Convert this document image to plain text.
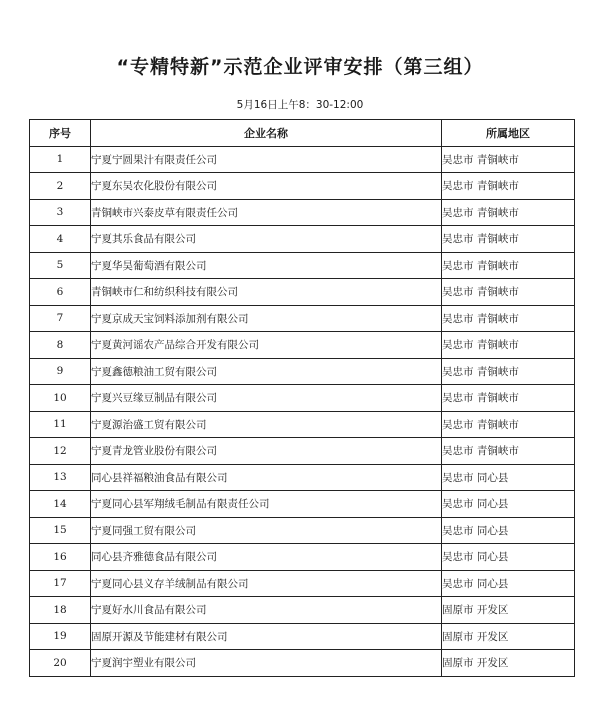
“专精特新”示范企业评审安排（第三组）
5月16日上午8：30-12:00
序号	企业名称	所属地区
1	宁夏宁圆果汁有限责任公司	吴忠市 青铜峡市
2	宁夏东吴农化股份有限公司	吴忠市 青铜峡市
3	青铜峡市兴泰皮草有限责任公司	吴忠市 青铜峡市
4	宁夏其乐食品有限公司	吴忠市 青铜峡市
5	宁夏华昊葡萄酒有限公司	吴忠市 青铜峡市
6	青铜峡市仁和纺织科技有限公司	吴忠市 青铜峡市
7	宁夏京成天宝饲料添加剂有限公司	吴忠市 青铜峡市
8	宁夏黄河谣农产品综合开发有限公司	吴忠市 青铜峡市
9	宁夏鑫德粮油工贸有限公司	吴忠市 青铜峡市
10	宁夏兴豆缘豆制品有限公司	吴忠市 青铜峡市
11	宁夏源治盛工贸有限公司	吴忠市 青铜峡市
12	宁夏青龙管业股份有限公司	吴忠市 青铜峡市
13	同心县祥福粮油食品有限公司	吴忠市 同心县
14	宁夏同心县军翔绒毛制品有限责任公司	吴忠市 同心县
15	宁夏同强工贸有限公司	吴忠市 同心县
16	同心县齐雅德食品有限公司	吴忠市 同心县
17	宁夏同心县义存羊绒制品有限公司	吴忠市 同心县
18	宁夏好水川食品有限公司	固原市 开发区
19	固原开源及节能建材有限公司	固原市 开发区
20	宁夏润宇塑业有限公司	固原市 开发区
